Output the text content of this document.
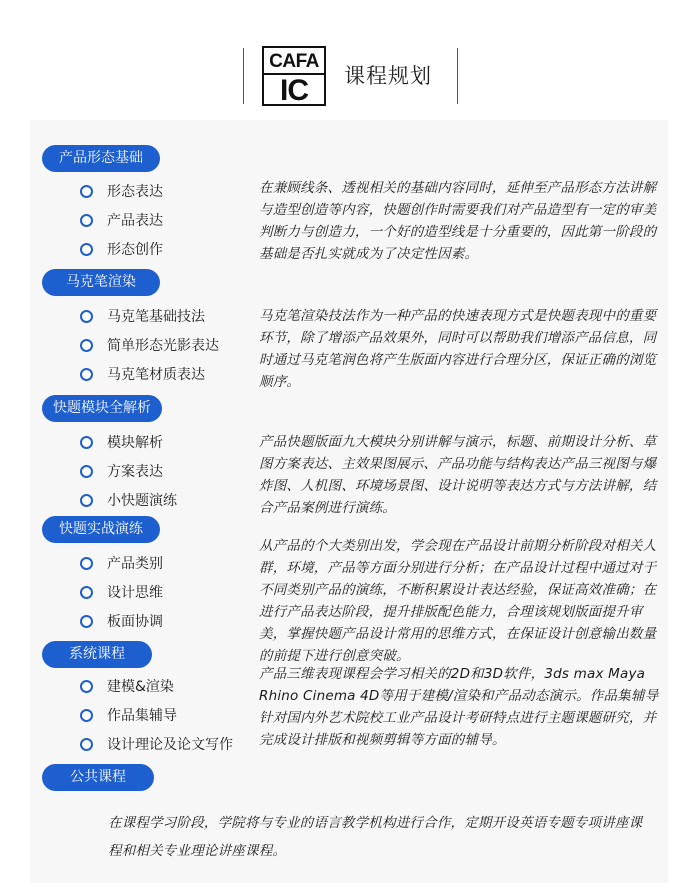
CAFA
IC	课程规划
产品形态基础
形态表达
产品表达
形态创作
在兼顾线条、透视相关的基础内容同时，延伸至产品形态方法讲解与造型创造等内容，快题创作时需要我们对产品造型有一定的审美判断力与创造力，一个好的造型线是十分重要的，因此第一阶段的基础是否扎实就成为了决定性因素。
马克笔渲染
马克笔基础技法
简单形态光影表达
马克笔材质表达
马克笔渲染技法作为一种产品的快速表现方式是快题表现中的重要环节，除了增添产品效果外，同时可以帮助我们增添产品信息，同时通过马克笔润色将产生版面内容进行合理分区，保证正确的浏览顺序。
快题模块全解析
模块解析
方案表达
小快题演练
产品快题版面九大模块分别讲解与演示，标题、前期设计分析、草图方案表达、主效果图展示、产品功能与结构表达产品三视图与爆炸图、人机图、环境场景图、设计说明等表达方式与方法讲解，结合产品案例进行演练。
快题实战演练
产品类别
设计思维
板面协调
从产品的个大类别出发，学会现在产品设计前期分析阶段对相关人群，环境，产品等方面分别进行分析；在产品设计过程中通过对于不同类别产品的演练，不断积累设计表达经验，保证高效准确；在进行产品表达阶段，提升排版配色能力，合理该规划版面提升审美，掌握快题产品设计常用的思维方式，在保证设计创意输出数量的前提下进行创意突破。
系统课程
建模&渲染
作品集辅导
设计理论及论文写作
产品三维表现课程会学习相关的2D和3D软件，3ds max Maya Rhino Cinema 4D等用于建模/渲染和产品动态演示。作品集辅导针对国内外艺术院校工业产品设计考研特点进行主题课题研究，并完成设计排版和视频剪辑等方面的辅导。
公共课程
在课程学习阶段，学院将与专业的语言教学机构进行合作，定期开设英语专题专项讲座课程和相关专业理论讲座课程。
